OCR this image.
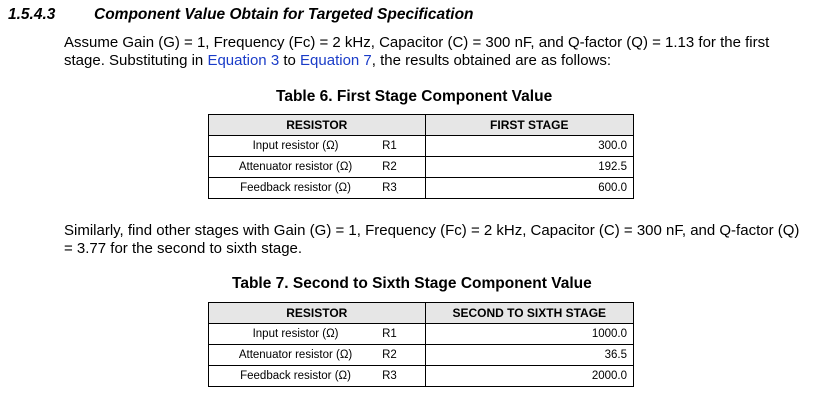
1.5.4.3 Component Value Obtain for Targeted Specification
Assume Gain (G) = 1, Frequency (Fc) = 2 kHz, Capacitor (C) = 300 nF, and Q-factor (Q) = 1.13 for the first stage. Substituting in Equation 3 to Equation 7, the results obtained are as follows:
Table 6. First Stage Component Value
RESISTOR		FIRST STAGE
Input resistor (Ω)	R1	300.0
Attenuator resistor (Ω)	R2	192.5
Feedback resistor (Ω)	R3	600.0
Similarly, find other stages with Gain (G) = 1, Frequency (Fc) = 2 kHz, Capacitor (C) = 300 nF, and Q-factor (Q) = 3.77 for the second to sixth stage.
Table 7. Second to Sixth Stage Component Value
RESISTOR		SECOND TO SIXTH STAGE
Input resistor (Ω)	R1	1000.0
Attenuator resistor (Ω)	R2	36.5
Feedback resistor (Ω)	R3	2000.0
